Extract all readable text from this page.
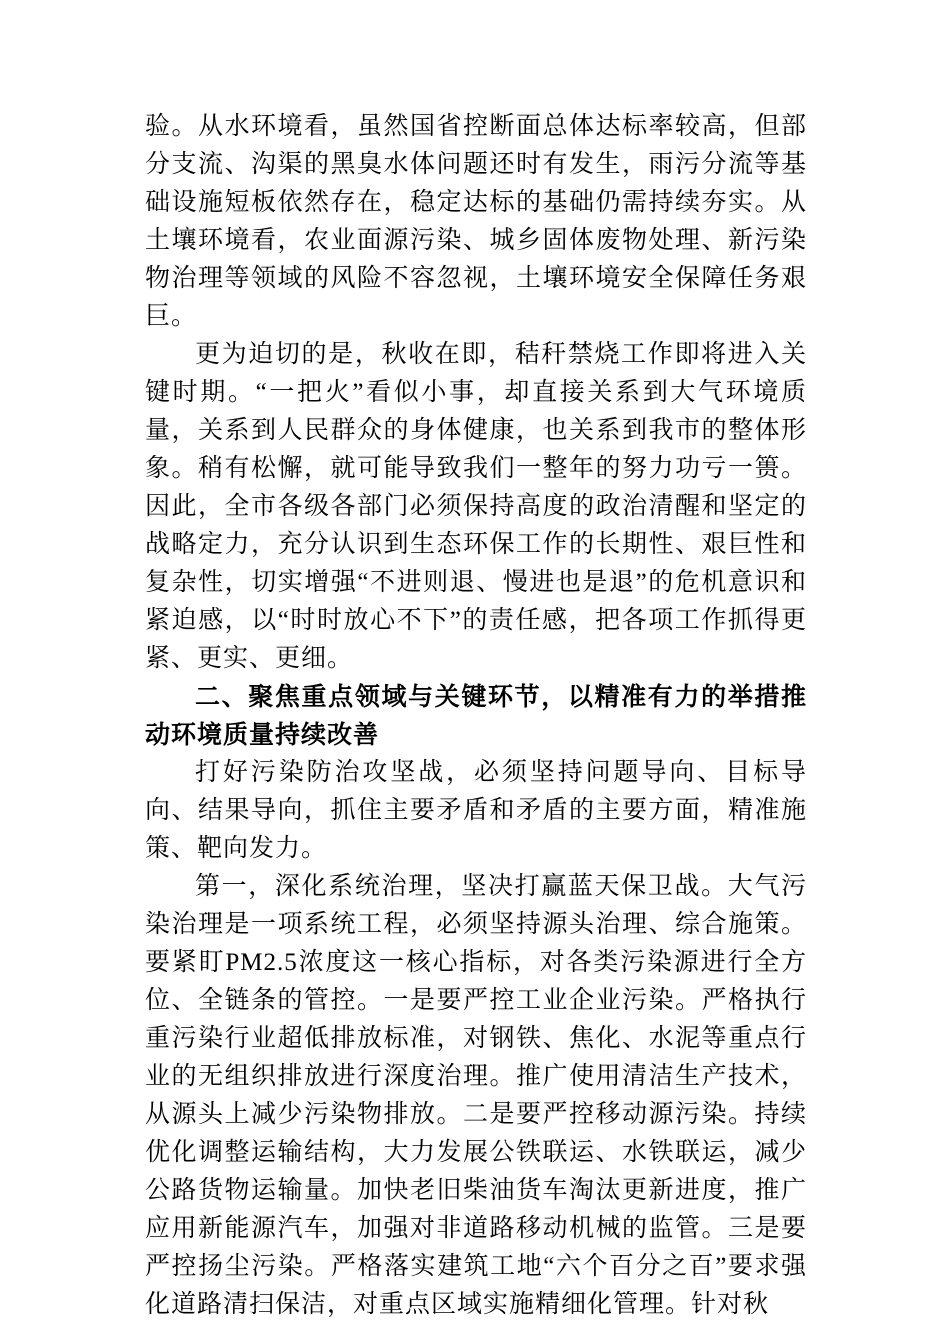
验。从水环境看，虽然国省控断面总体达标率较高，但部分支流、沟渠的黑臭水体问题还时有发生，雨污分流等基础设施短板依然存在，稳定达标的基础仍需持续夯实。从土壤环境看，农业面源污染、城乡固体废物处理、新污染物治理等领域的风险不容忽视，土壤环境安全保障任务艰巨。

更为迫切的是，秋收在即，秸秆禁烧工作即将进入关键时期。“一把火”看似小事，却直接关系到大气环境质量，关系到人民群众的身体健康，也关系到我市的整体形象。稍有松懈，就可能导致我们一整年的努力功亏一篑。因此，全市各级各部门必须保持高度的政治清醒和坚定的战略定力，充分认识到生态环保工作的长期性、艰巨性和复杂性，切实增强“不进则退、慢进也是退”的危机意识和紧迫感，以“时时放心不下”的责任感，把各项工作抓得更紧、更实、更细。

二、聚焦重点领域与关键环节，以精准有力的举措推动环境质量持续改善

打好污染防治攻坚战，必须坚持问题导向、目标导向、结果导向，抓住主要矛盾和矛盾的主要方面，精准施策、靶向发力。

第一，深化系统治理，坚决打赢蓝天保卫战。大气污染治理是一项系统工程，必须坚持源头治理、综合施策。要紧盯PM2.5浓度这一核心指标，对各类污染源进行全方位、全链条的管控。一是要严控工业企业污染。严格执行重污染行业超低排放标准，对钢铁、焦化、水泥等重点行业的无组织排放进行深度治理。推广使用清洁生产技术，从源头上减少污染物排放。二是要严控移动源污染。持续优化调整运输结构，大力发展公铁联运、水铁联运，减少公路货物运输量。加快老旧柴油货车淘汰更新进度，推广应用新能源汽车，加强对非道路移动机械的监管。三是要严控扬尘污染。严格落实建筑工地“六个百分之百”要求强化道路清扫保洁，对重点区域实施精细化管理。针对秋
